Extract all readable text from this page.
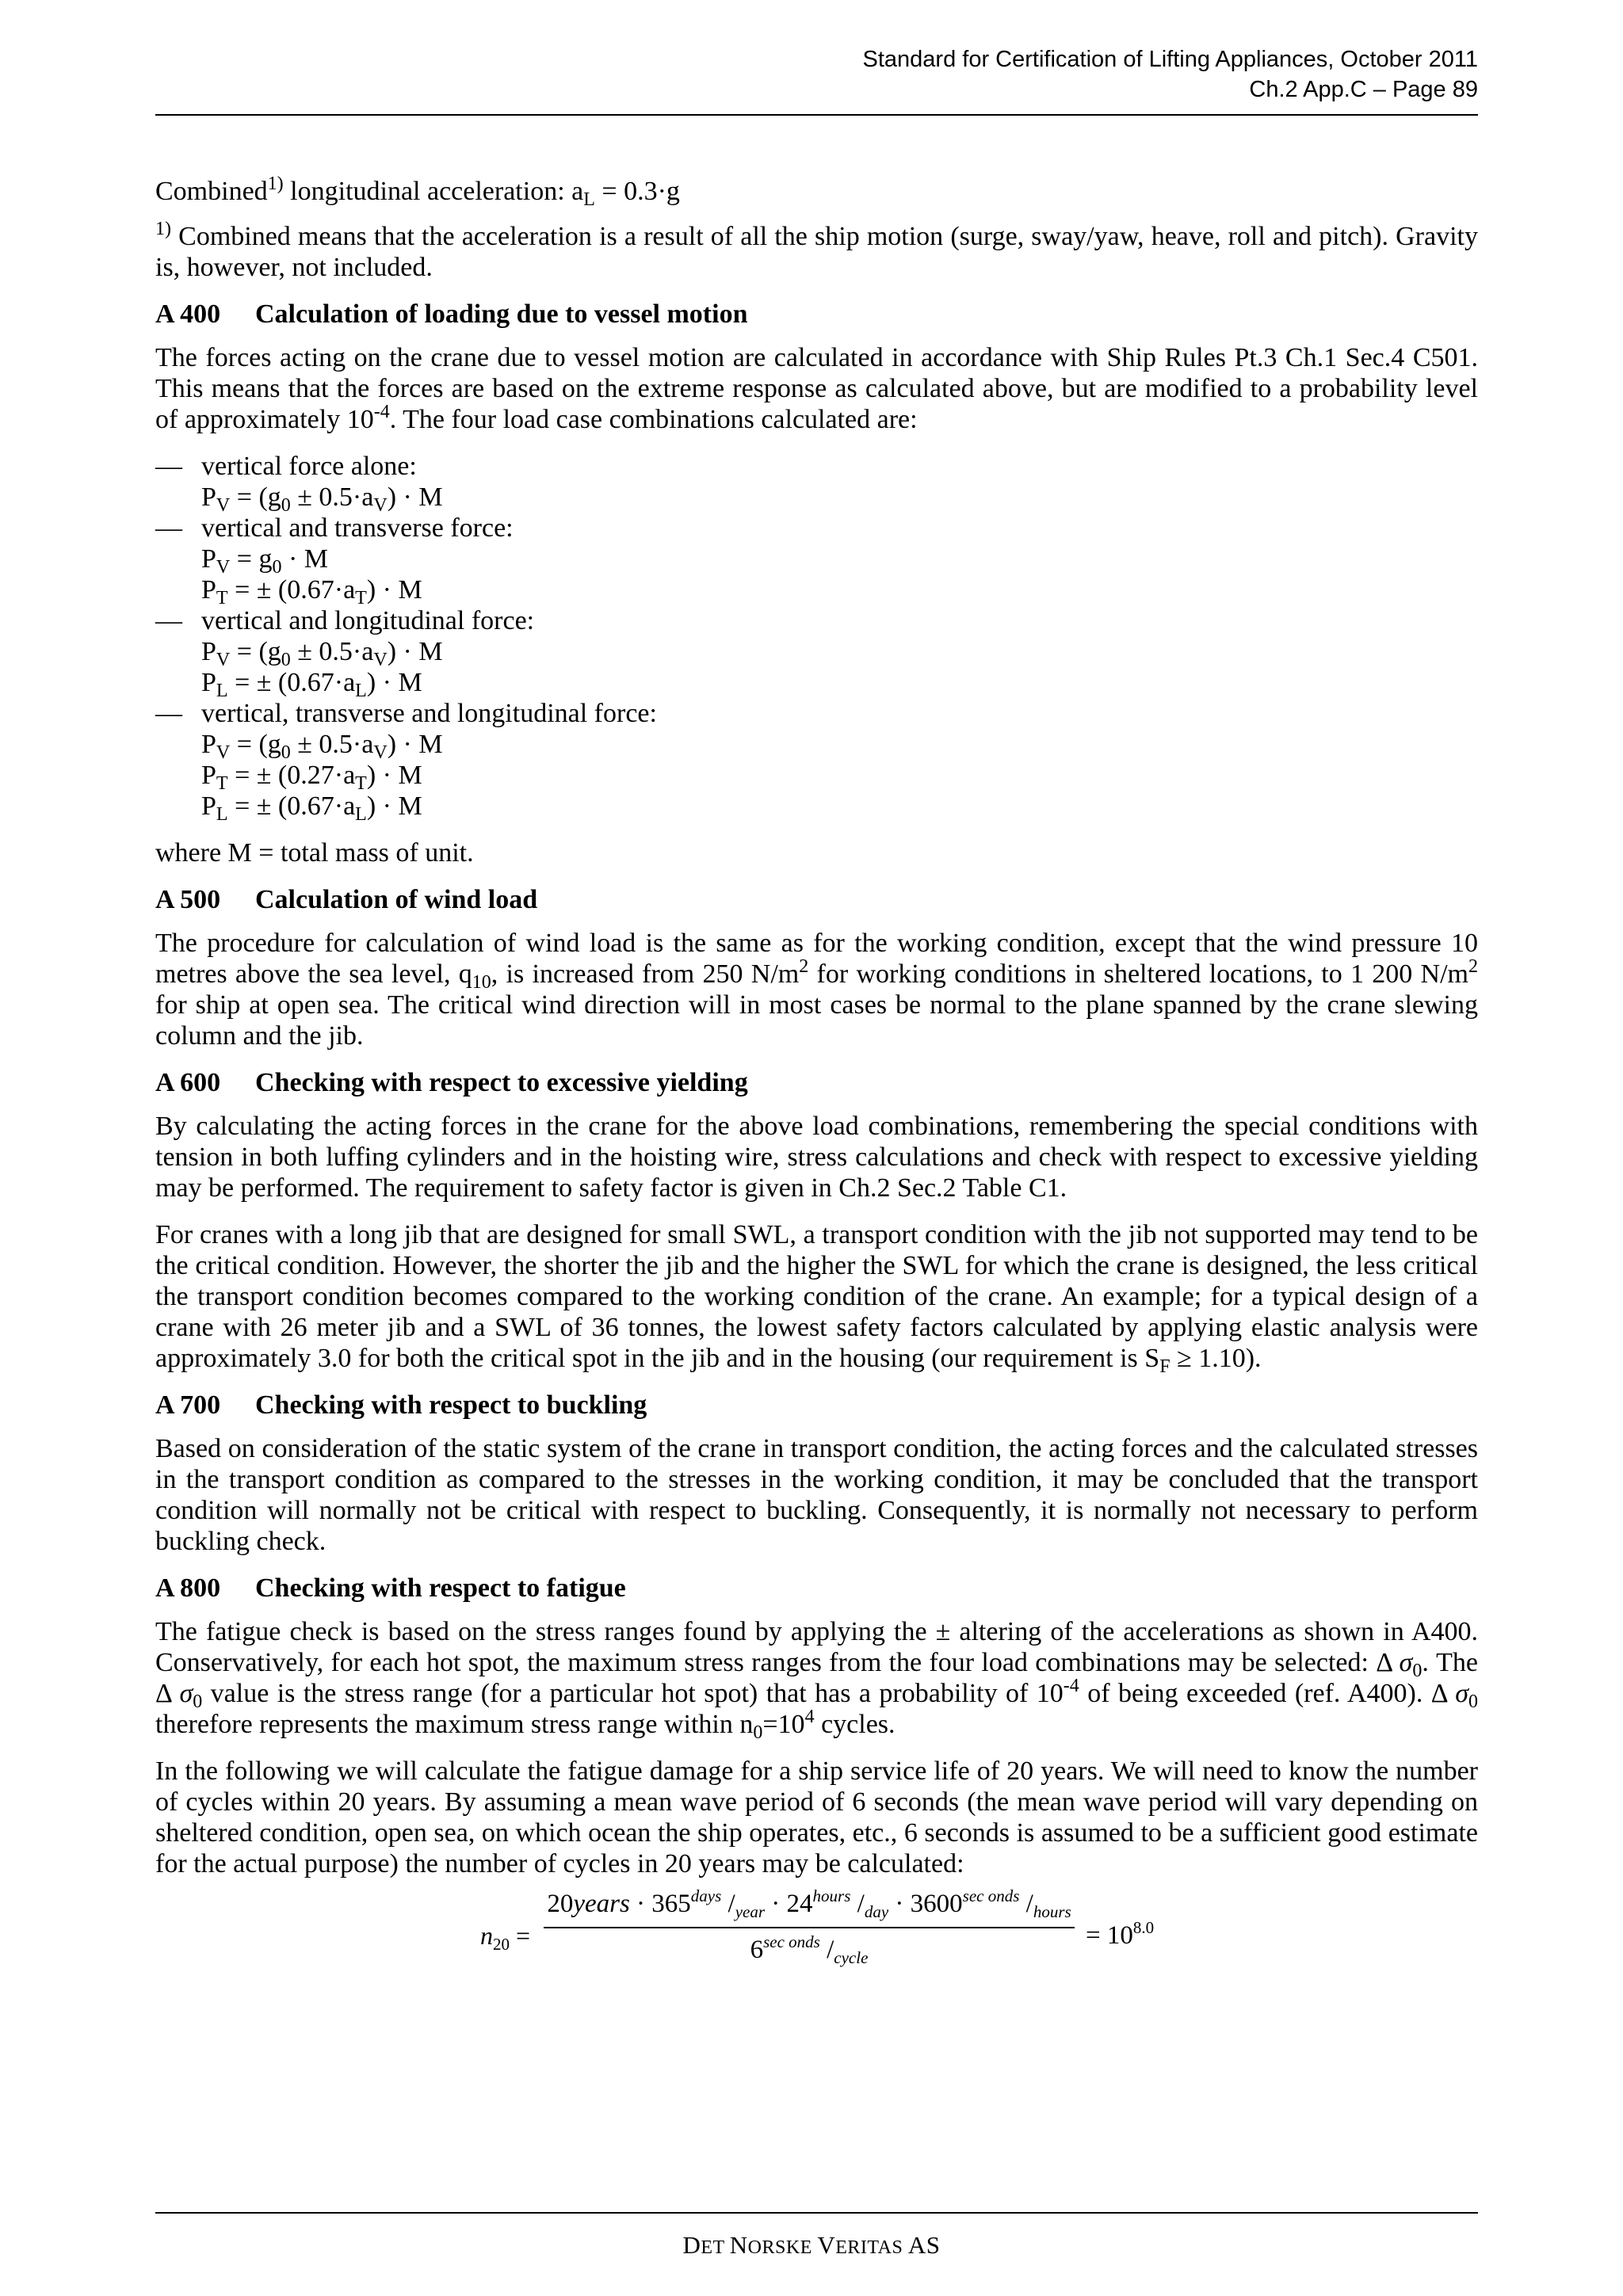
Standard for Certification of Lifting Appliances, October 2011
Ch.2 App.C – Page 89

Combined$^{1)}$ longitudinal acceleration: $a_L = 0.3\cdot g$

$^{1)}$ Combined means that the acceleration is a result of all the ship motion (surge, sway/yaw, heave, roll and pitch). Gravity is, however, not included.

A 400 Calculation of loading due to vessel motion

The forces acting on the crane due to vessel motion are calculated in accordance with Ship Rules Pt.3 Ch.1 Sec.4 C501. This means that the forces are based on the extreme response as calculated above, but are modified to a probability level of approximately $10^{-4}$. The four load case combinations calculated are:

— vertical force alone:
$P_V = (g_0 \pm 0.5\cdot a_V) \cdot M$
— vertical and transverse force:
$P_V = g_0 \cdot M$
$P_T$ = ± $(0.67\cdot a_T) \cdot M$
— vertical and longitudinal force:
$P_V = (g_0 \pm 0.5\cdot a_V) \cdot M$
$P_L$ = ± $(0.67\cdot a_L) \cdot M$
— vertical, transverse and longitudinal force:
$P_V = (g_0 \pm 0.5\cdot a_V) \cdot M$
$P_T$ = ± $(0.27\cdot a_T) \cdot M$
$P_L$ = ± $(0.67\cdot a_L) \cdot M$

where M = total mass of unit.

A 500 Calculation of wind load

The procedure for calculation of wind load is the same as for the working condition, except that the wind pressure 10 metres above the sea level, $q_{10}$, is increased from 250 $N/m^2$ for working conditions in sheltered locations, to 1 200 $N/m^2$ for ship at open sea. The critical wind direction will in most cases be normal to the plane spanned by the crane slewing column and the jib.

A 600 Checking with respect to excessive yielding

By calculating the acting forces in the crane for the above load combinations, remembering the special conditions with tension in both luffing cylinders and in the hoisting wire, stress calculations and check with respect to excessive yielding may be performed. The requirement to safety factor is given in Ch.2 Sec.2 Table C1.

For cranes with a long jib that are designed for small SWL, a transport condition with the jib not supported may tend to be the critical condition. However, the shorter the jib and the higher the SWL for which the crane is designed, the less critical the transport condition becomes compared to the working condition of the crane. An example; for a typical design of a crane with 26 meter jib and a SWL of 36 tonnes, the lowest safety factors calculated by applying elastic analysis were approximately 3.0 for both the critical spot in the jib and in the housing (our requirement is $S_F \ge 1.10$).

A 700 Checking with respect to buckling

Based on consideration of the static system of the crane in transport condition, the acting forces and the calculated stresses in the transport condition as compared to the stresses in the working condition, it may be concluded that the transport condition will normally not be critical with respect to buckling. Consequently, it is normally not necessary to perform buckling check.

A 800 Checking with respect to fatigue

The fatigue check is based on the stress ranges found by applying the ± altering of the accelerations as shown in A400. Conservatively, for each hot spot, the maximum stress ranges from the four load combinations may be selected: Δ $\sigma_0$. The Δ $\sigma_0$ value is the stress range (for a particular hot spot) that has a probability of $10^{-4}$ of being exceeded (ref. A400). Δ $\sigma_0$ therefore represents the maximum stress range within $n_0=10^4$ cycles.

In the following we will calculate the fatigue damage for a ship service life of 20 years. We will need to know the number of cycles within 20 years. By assuming a mean wave period of 6 seconds (the mean wave period will vary depending on sheltered condition, open sea, on which ocean the ship operates, etc., 6 seconds is assumed to be a sufficient good estimate for the actual purpose) the number of cycles in 20 years may be calculated:

$n_{20}$ =
20years · $365^{days}$ $/_{year} \cdot 24^{hours}$ $/_{day} \cdot 3600^{sec onds}$ $/_{hours}$
$6^{sec onds}$ $/_{cycle}$
= $10^{8.0}$
DET NORSKE VERITAS AS
